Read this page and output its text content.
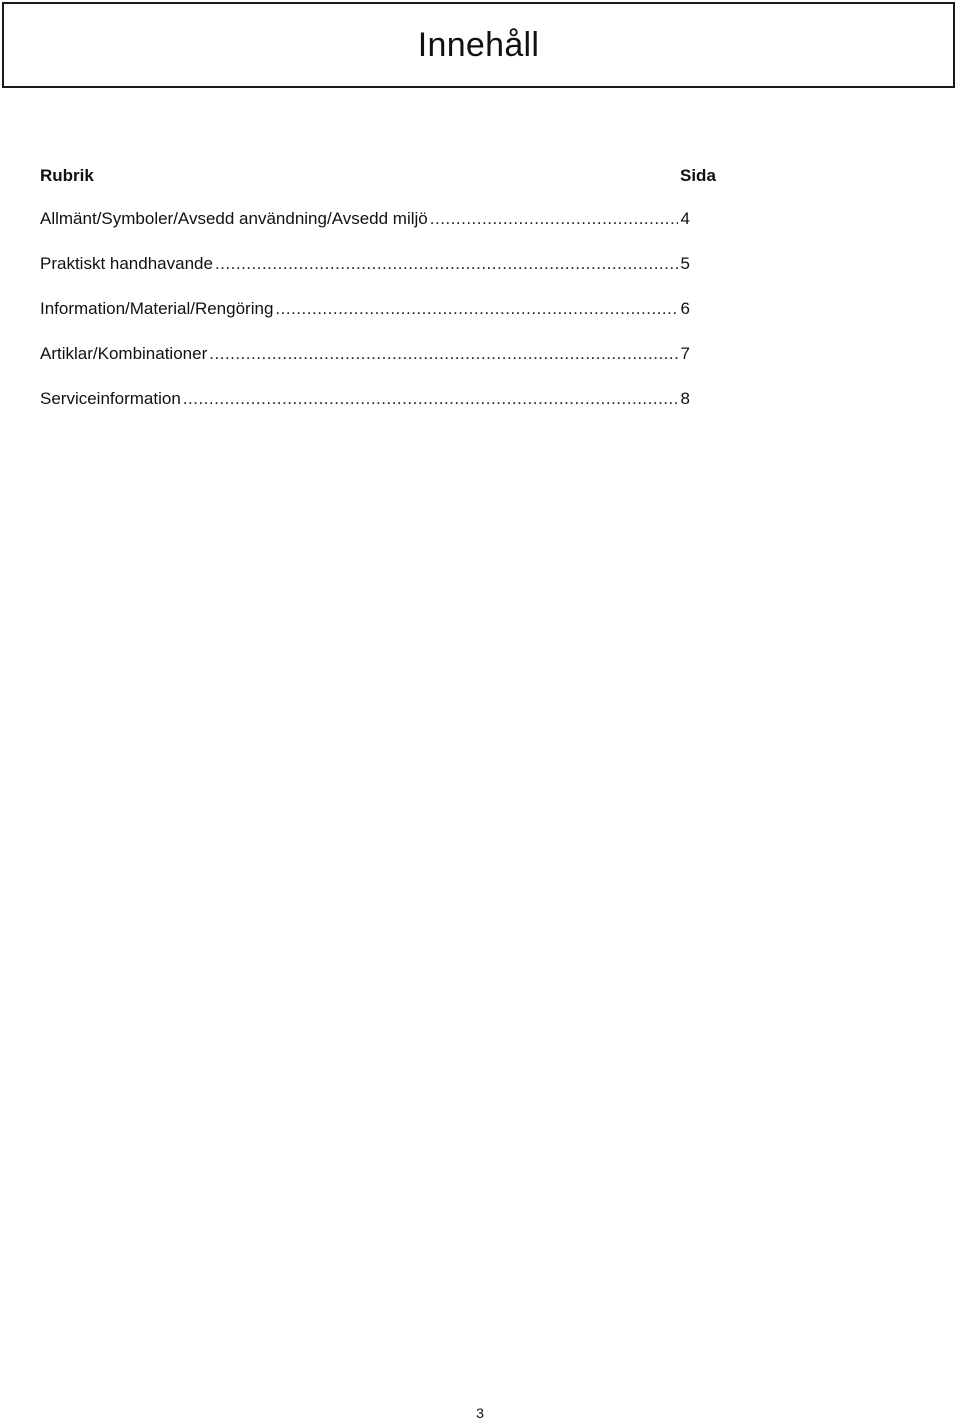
Innehåll
Rubrik	Sida
Allmänt/Symboler/Avsedd användning/Avsedd miljö .....	4
Praktiskt handhavande .....	5
Information/Material/Rengöring .....	6
Artiklar/Kombinationer .....	7
Serviceinformation .....	8
3
